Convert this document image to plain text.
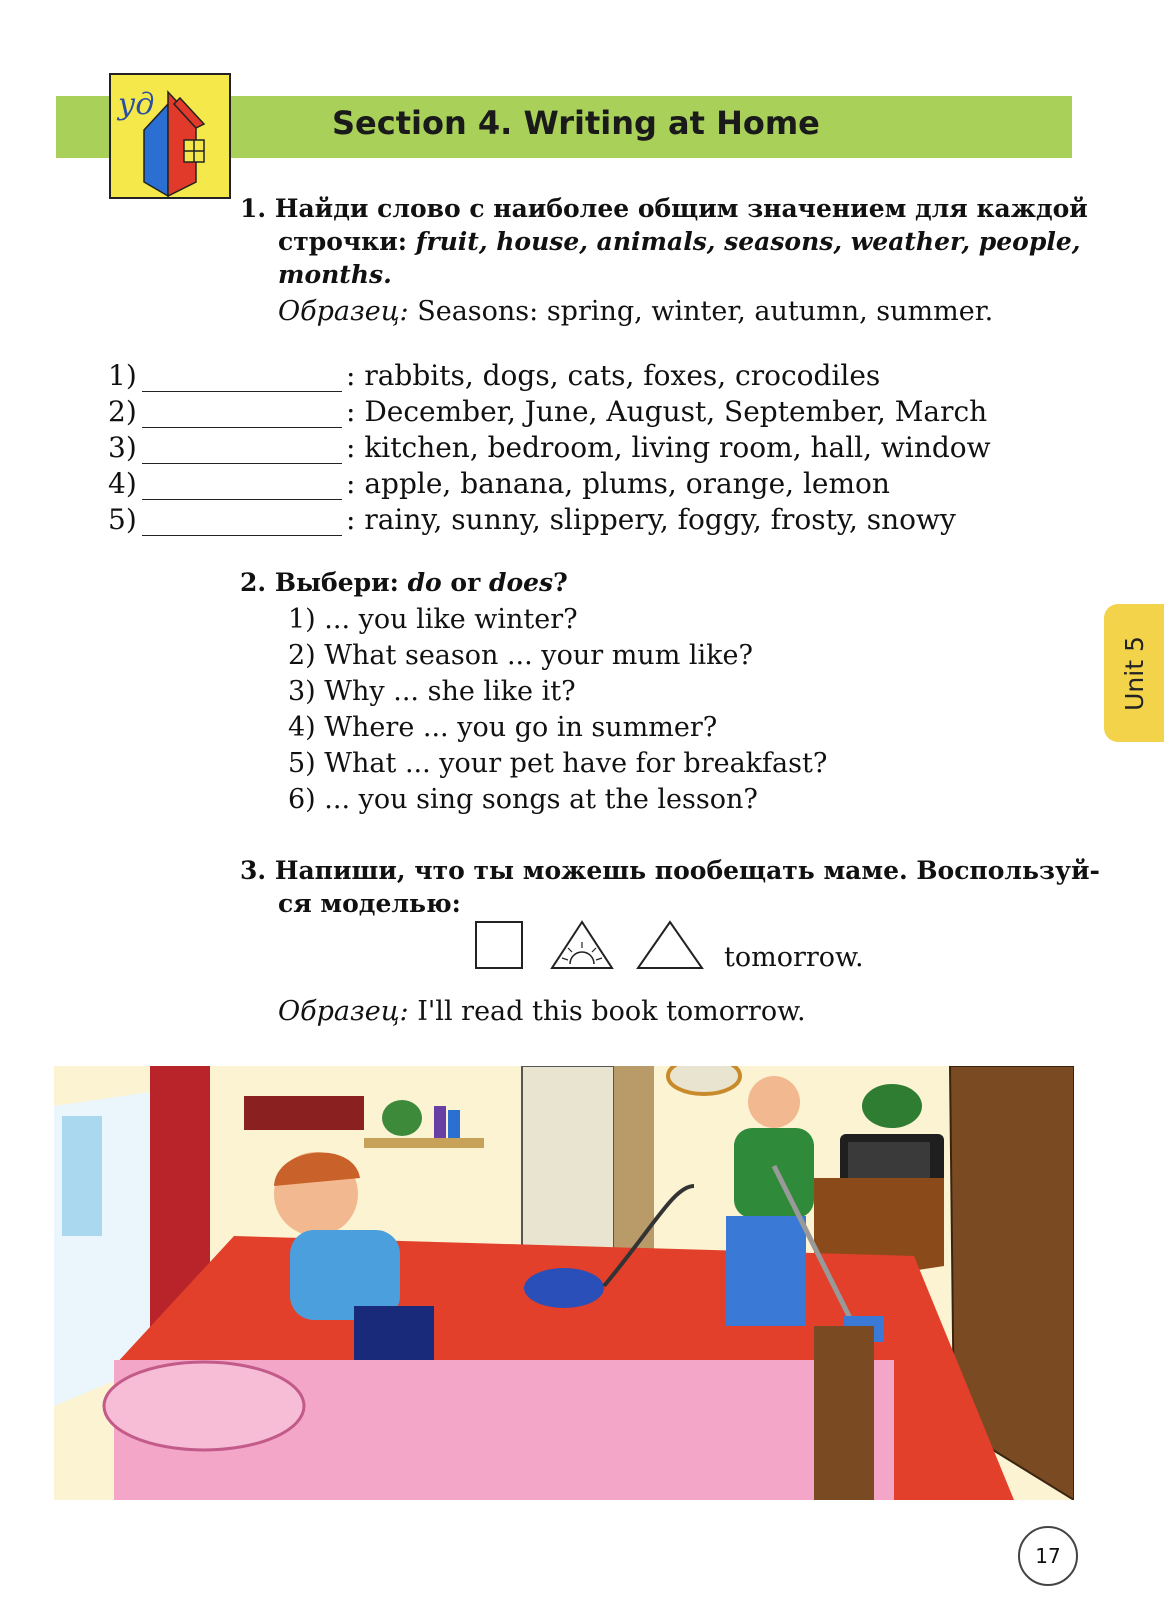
уд	Section 4. Writing at Home
1. Найди слово с наиболее общим значением для каждой
строчки: fruit, house, animals, seasons, weather, people,
months.
Образец: Seasons: spring, winter, autumn, summer.
1)	: rabbits, dogs, cats, foxes, crocodiles
2)	: December, June, August, September, March
3)	: kitchen, bedroom, living room, hall, window
4)	: apple, banana, plums, orange, lemon
5)	: rainy, sunny, slippery, foggy, frosty, snowy
2. Выбери: do or does?
1) ... you like winter?
2) What season ... your mum like?
3) Why ... she like it?
4) Where ... you go in summer?
5) What ... your pet have for breakfast?
6) ... you sing songs at the lesson?
Unit 5
3. Напиши, что ты можешь пообещать маме. Воспользуй-
ся моделью:
tomorrow.
Образец: I'll read this book tomorrow.
17
